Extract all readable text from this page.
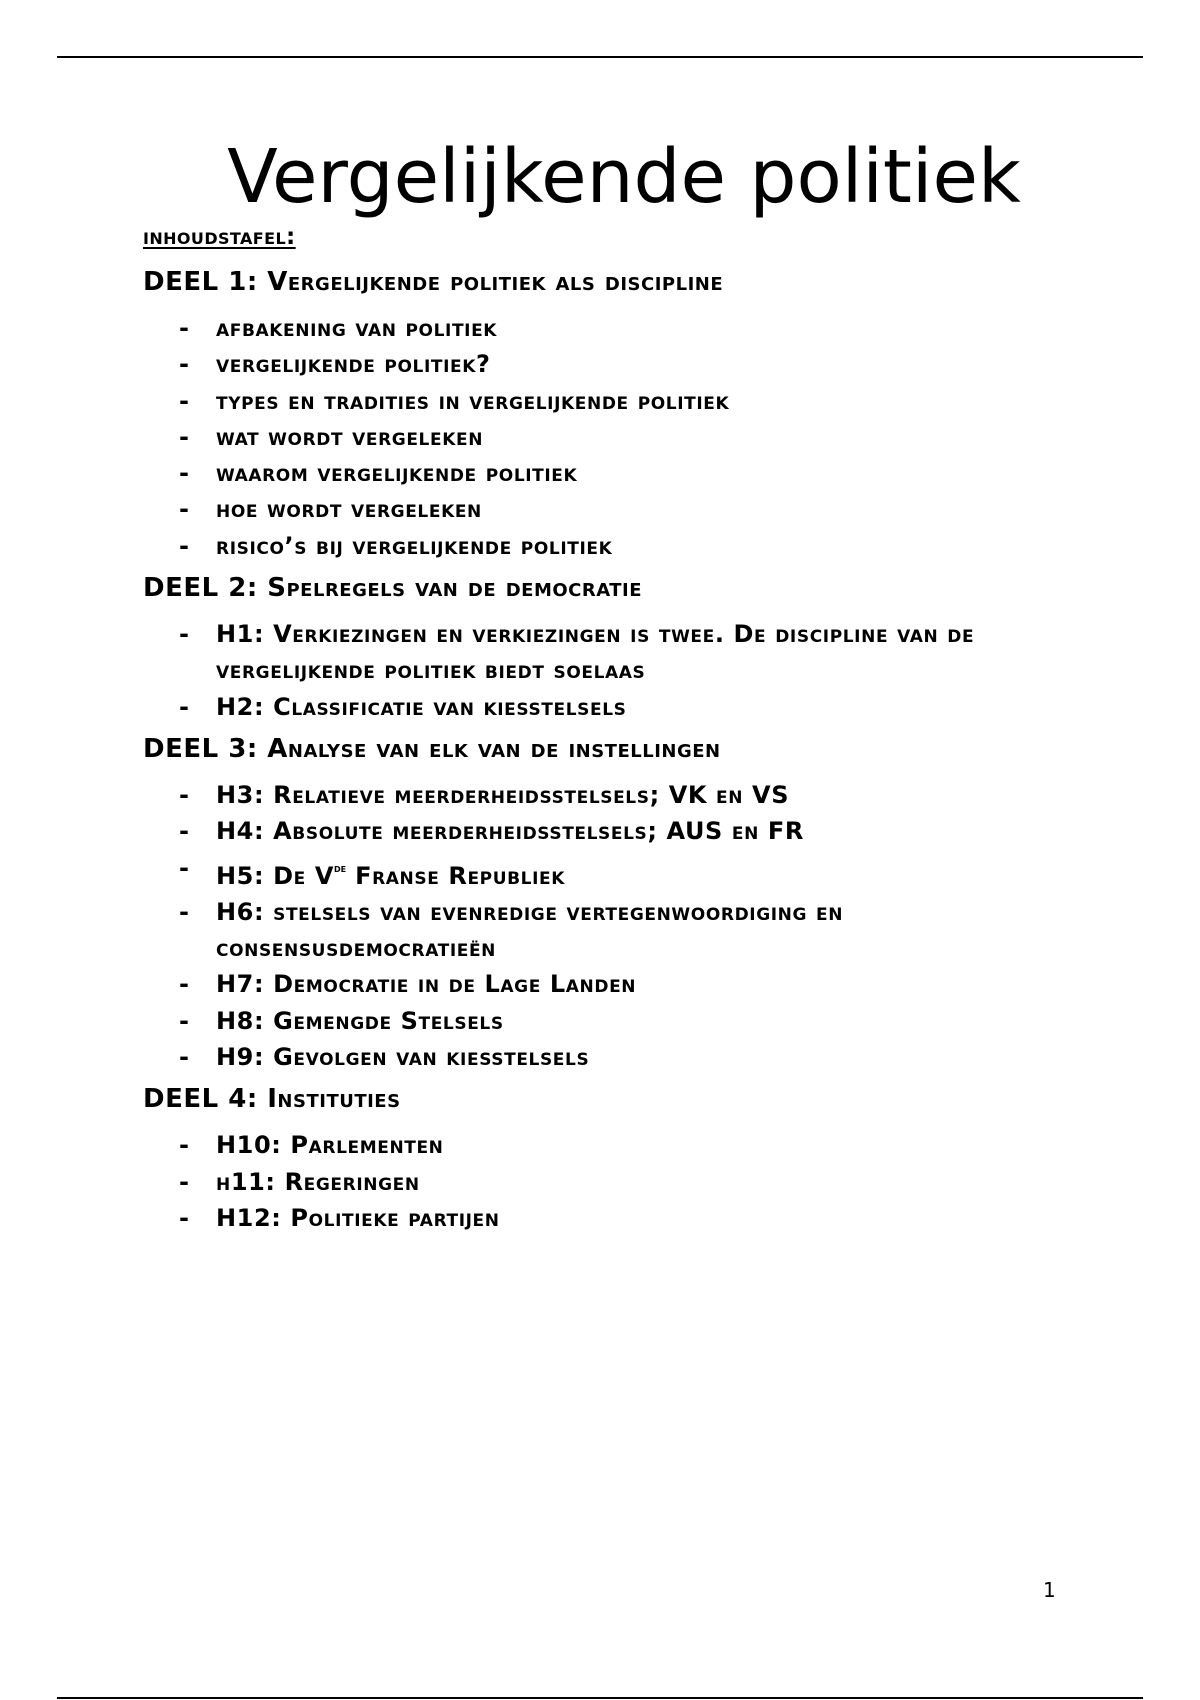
Vergelijkende politiek
inhoudstafel:
DEEL 1: Vergelijkende politiek als discipline
- afbakening van politiek
- vergelijkende politiek?
- types en tradities in vergelijkende politiek
- wat wordt vergeleken
- waarom vergelijkende politiek
- hoe wordt vergeleken
- risico’s bij vergelijkende politiek
DEEL 2: Spelregels van de democratie
- H1: Verkiezingen en verkiezingen is twee. De discipline van de vergelijkende politiek biedt soelaas
- H2: Classificatie van kiesstelsels
DEEL 3: Analyse van elk van de instellingen
- H3: Relatieve meerderheidsstelsels; VK en VS
- H4: Absolute meerderheidsstelsels; AUS en FR
- H5: De Vde Franse Republiek
- H6: stelsels van evenredige vertegenwoordiging en consensusdemocratieën
- H7: Democratie in de Lage Landen
- H8: Gemengde Stelsels
- H9: Gevolgen van kiesstelsels
DEEL 4: Instituties
- H10: Parlementen
- h11: Regeringen
- H12: Politieke partijen
1
